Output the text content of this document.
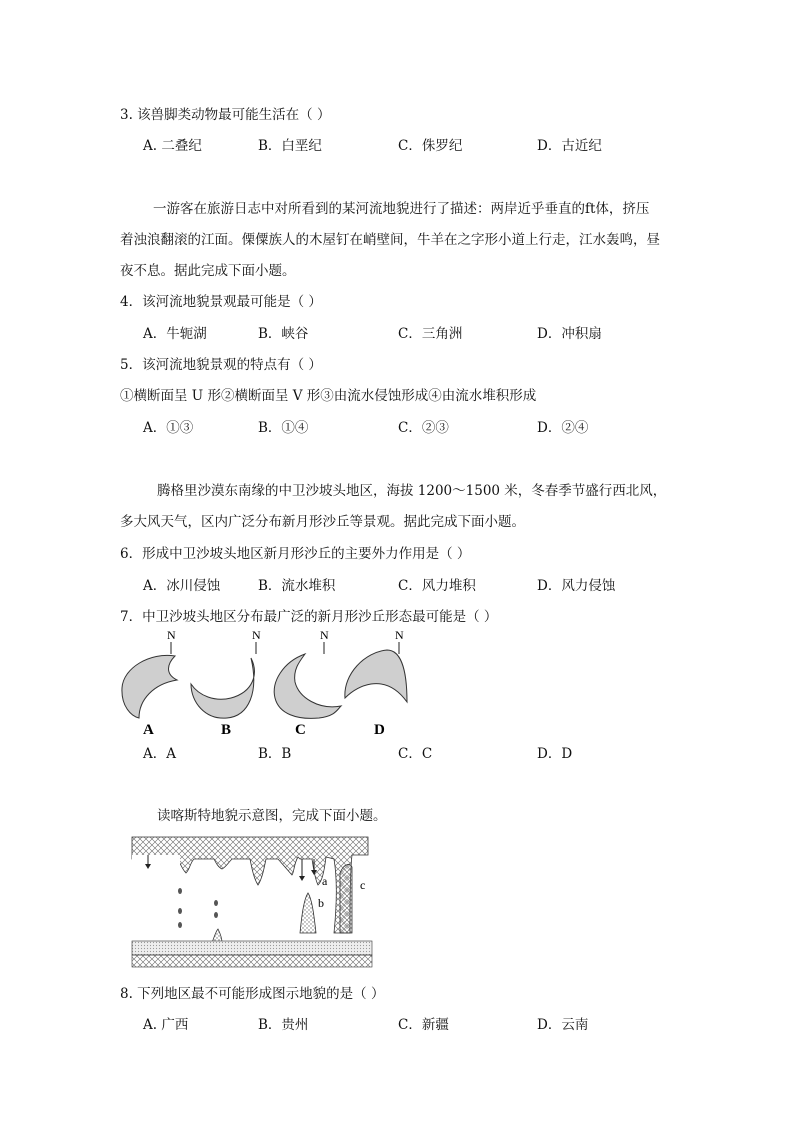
3. 该兽脚类动物最可能生活在（ ）
A. 二叠纪	B．白垩纪	C．侏罗纪	D．古近纪
一游客在旅游日志中对所看到的某河流地貌进行了描述：两岸近乎垂直的ft体，挤压
着浊浪翻滚的江面。傈僳族人的木屋钉在峭壁间，牛羊在之字形小道上行走，江水轰鸣，昼
夜不息。据此完成下面小题。
4．该河流地貌景观最可能是（ ）
A．牛轭湖	B．峡谷	C．三角洲	D．冲积扇
5．该河流地貌景观的特点有（ ）
①横断面呈 U 形②横断面呈 V 形③由流水侵蚀形成④由流水堆积形成
A．①③	B．①④	C．②③	D．②④
腾格里沙漠东南缘的中卫沙坡头地区，海拔 1200～1500 米，冬春季节盛行西北风，
多大风天气，区内广泛分布新月形沙丘等景观。据此完成下面小题。
6．形成中卫沙坡头地区新月形沙丘的主要外力作用是（ ）
A．冰川侵蚀	B．流水堆积	C．风力堆积	D．风力侵蚀
7．中卫沙坡头地区分布最广泛的新月形沙丘形态最可能是（ ）
N
A
N
B
N
C
N
D
A．A	B．B	C．C	D．D
读喀斯特地貌示意图，完成下面小题。
a
b
c
8. 下列地区最不可能形成图示地貌的是（ ）
A. 广西	B．贵州	C．新疆	D．云南
